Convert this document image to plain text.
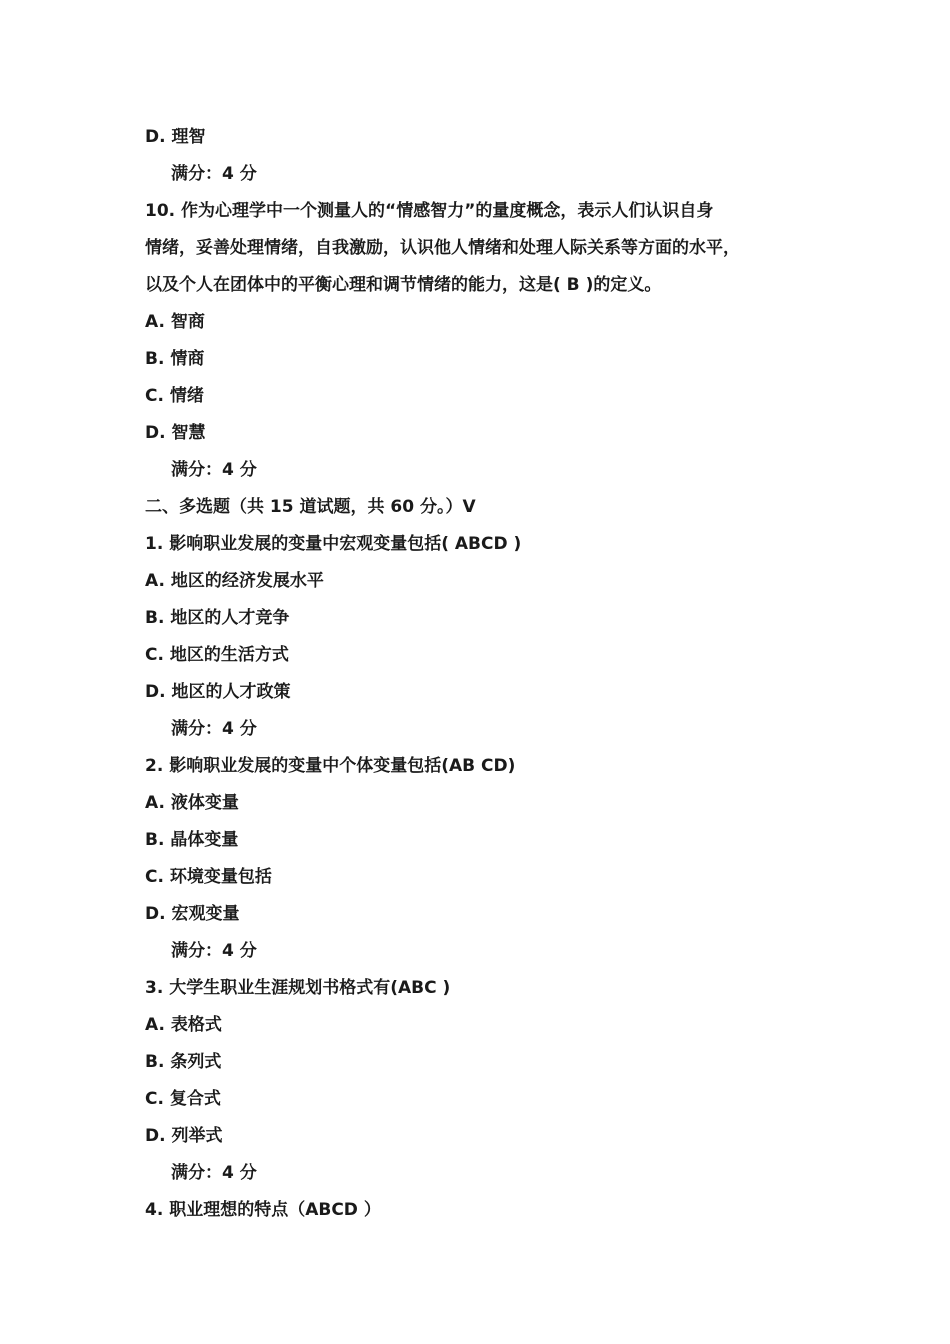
D. 理智
满分：4 分
10. 作为心理学中一个测量人的“情感智力”的量度概念，表示人们认识自身
情绪，妥善处理情绪，自我激励，认识他人情绪和处理人际关系等方面的水平，
以及个人在团体中的平衡心理和调节情绪的能力，这是( B )的定义。
A. 智商
B. 情商
C. 情绪
D. 智慧
满分：4 分
二、多选题（共 15 道试题，共 60 分。）V
1. 影响职业发展的变量中宏观变量包括( ABCD )
A. 地区的经济发展水平
B. 地区的人才竞争
C. 地区的生活方式
D. 地区的人才政策
满分：4 分
2. 影响职业发展的变量中个体变量包括(AB CD)
A. 液体变量
B. 晶体变量
C. 环境变量包括
D. 宏观变量
满分：4 分
3. 大学生职业生涯规划书格式有(ABC )
A. 表格式
B. 条列式
C. 复合式
D. 列举式
满分：4 分
4. 职业理想的特点（ABCD ）
